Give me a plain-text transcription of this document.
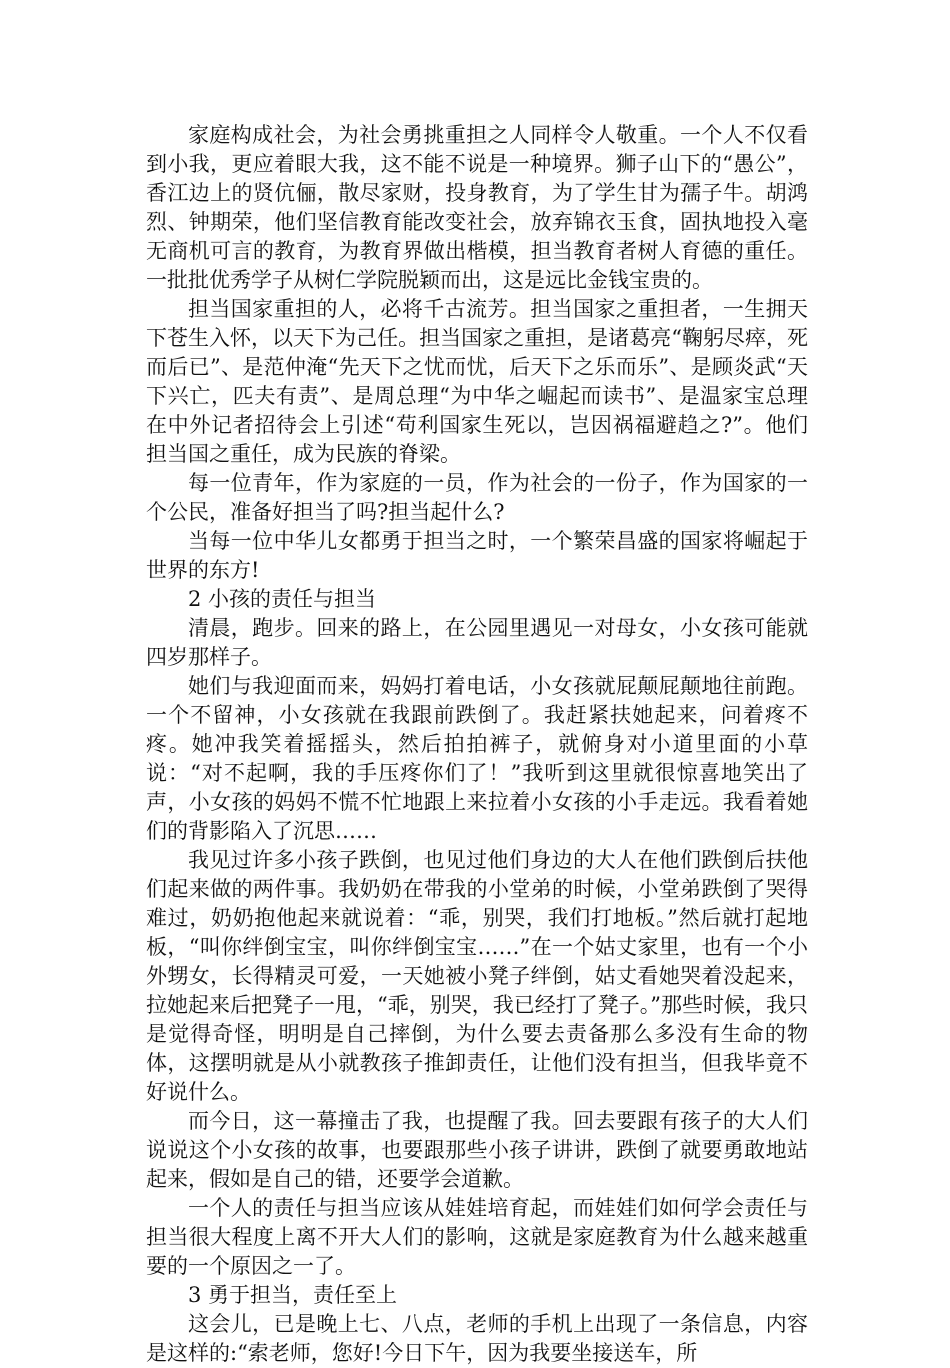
家庭构成社会，为社会勇挑重担之人同样令人敬重。一个人不仅看到小我，更应着眼大我，这不能不说是一种境界。狮子山下的“愚公”，香江边上的贤伉俪，散尽家财，投身教育，为了学生甘为孺子牛。胡鸿烈、钟期荣，他们坚信教育能改变社会，放弃锦衣玉食，固执地投入毫无商机可言的教育，为教育界做出楷模，担当教育者树人育德的重任。一批批优秀学子从树仁学院脱颖而出，这是远比金钱宝贵的。

担当国家重担的人，必将千古流芳。担当国家之重担者，一生拥天下苍生入怀，以天下为己任。担当国家之重担，是诸葛亮“鞠躬尽瘁，死而后已”、是范仲淹“先天下之忧而忧，后天下之乐而乐”、是顾炎武“天下兴亡，匹夫有责”、是周总理“为中华之崛起而读书”、是温家宝总理在中外记者招待会上引述“苟利国家生死以，岂因祸福避趋之?”。他们担当国之重任，成为民族的脊梁。

每一位青年，作为家庭的一员，作为社会的一份子，作为国家的一个公民，准备好担当了吗?担当起什么?

当每一位中华儿女都勇于担当之时，一个繁荣昌盛的国家将崛起于世界的东方!

2 小孩的责任与担当

清晨，跑步。回来的路上，在公园里遇见一对母女，小女孩可能就四岁那样子。

她们与我迎面而来，妈妈打着电话，小女孩就屁颠屁颠地往前跑。一个不留神，小女孩就在我跟前跌倒了。我赶紧扶她起来，问着疼不疼。她冲我笑着摇摇头，然后拍拍裤子，就俯身对小道里面的小草说：“对不起啊，我的手压疼你们了！”我听到这里就很惊喜地笑出了声，小女孩的妈妈不慌不忙地跟上来拉着小女孩的小手走远。我看着她们的背影陷入了沉思……

我见过许多小孩子跌倒，也见过他们身边的大人在他们跌倒后扶他们起来做的两件事。我奶奶在带我的小堂弟的时候，小堂弟跌倒了哭得难过，奶奶抱他起来就说着：“乖，别哭，我们打地板。”然后就打起地板，“叫你绊倒宝宝，叫你绊倒宝宝……”在一个姑丈家里，也有一个小外甥女，长得精灵可爱，一天她被小凳子绊倒，姑丈看她哭着没起来，拉她起来后把凳子一甩，“乖，别哭，我已经打了凳子。”那些时候，我只是觉得奇怪，明明是自己摔倒，为什么要去责备那么多没有生命的物体，这摆明就是从小就教孩子推卸责任，让他们没有担当，但我毕竟不好说什么。

而今日，这一幕撞击了我，也提醒了我。回去要跟有孩子的大人们说说这个小女孩的故事，也要跟那些小孩子讲讲，跌倒了就要勇敢地站起来，假如是自己的错，还要学会道歉。

一个人的责任与担当应该从娃娃培育起，而娃娃们如何学会责任与担当很大程度上离不开大人们的影响，这就是家庭教育为什么越来越重要的一个原因之一了。

3 勇于担当，责任至上

这会儿，已是晚上七、八点，老师的手机上出现了一条信息，内容是这样的:“索老师，您好!今日下午，因为我要坐接送车，所
